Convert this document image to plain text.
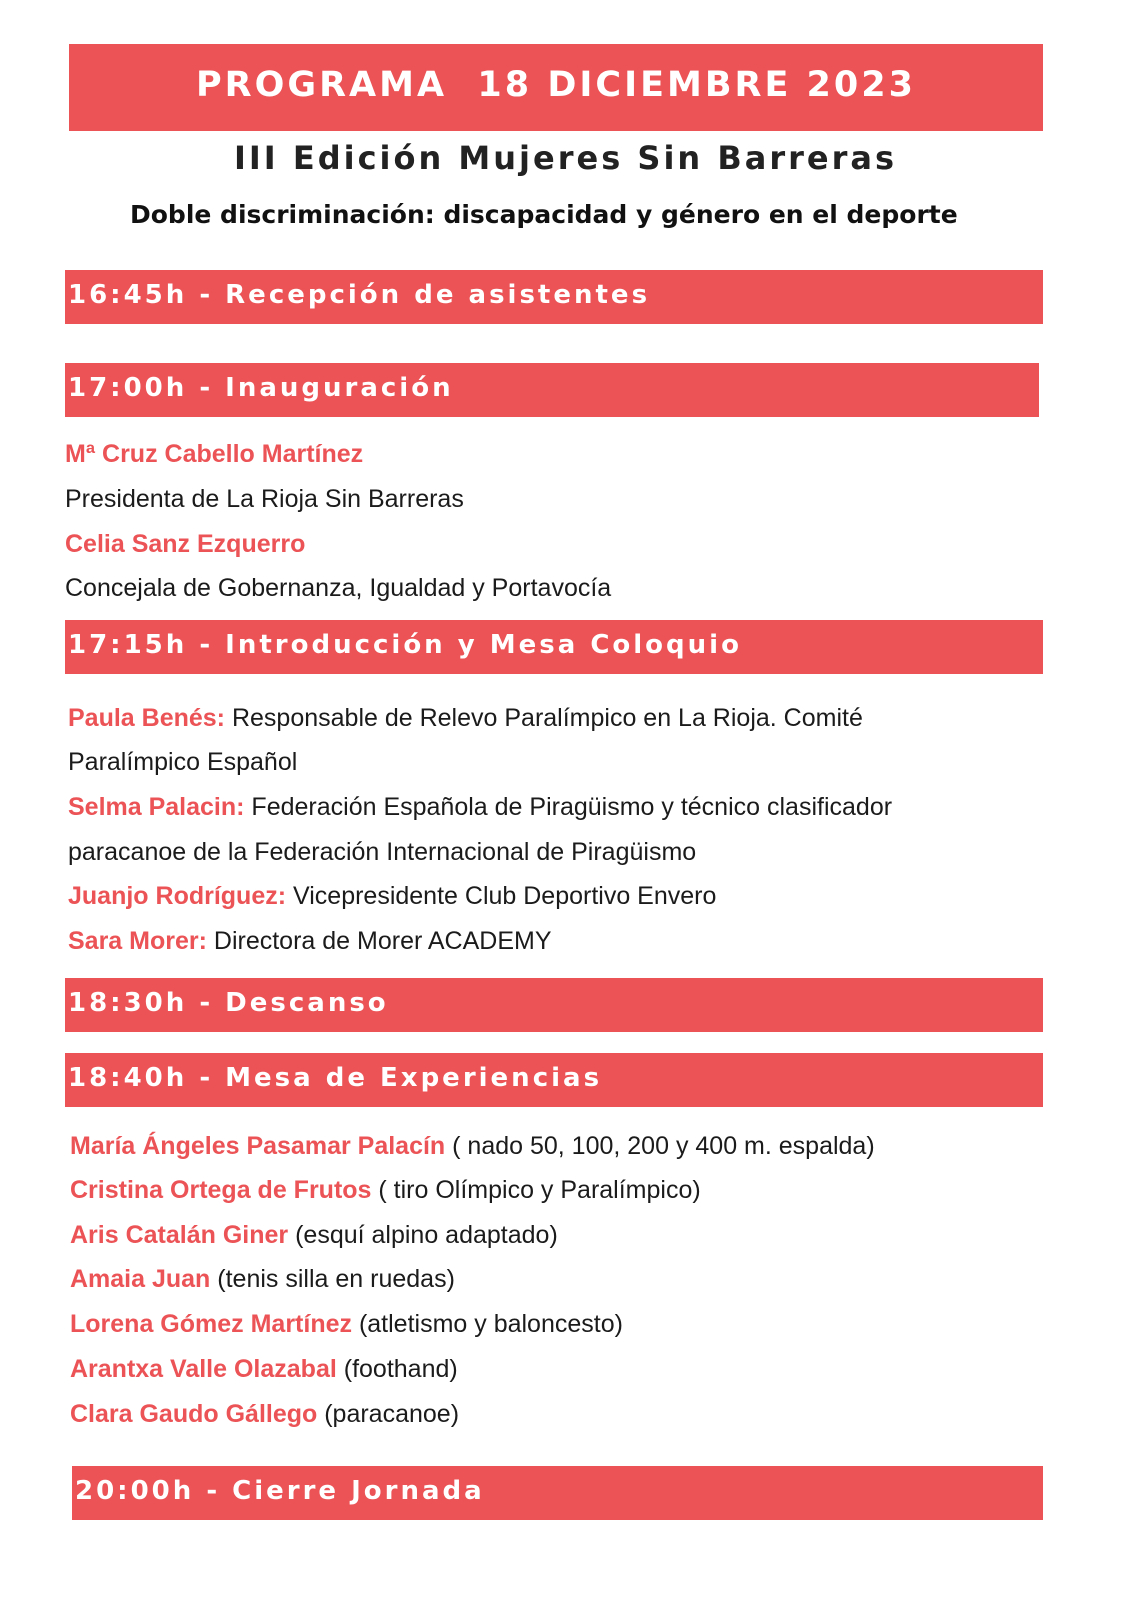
PROGRAMA  18 DICIEMBRE 2023
III Edición Mujeres Sin Barreras
Doble discriminación: discapacidad y género en el deporte
16:45h - Recepción de asistentes
17:00h - Inauguración
Mª Cruz Cabello Martínez
Presidenta de La Rioja Sin Barreras
Celia Sanz Ezquerro
Concejala de Gobernanza, Igualdad y Portavocía
17:15h - Introducción y Mesa Coloquio
Paula Benés: Responsable de Relevo Paralímpico en La Rioja. Comité
Paralímpico Español
Selma Palacin: Federación Española de Piragüismo y técnico clasificador
paracanoe de la Federación Internacional de Piragüismo
Juanjo Rodríguez: Vicepresidente Club Deportivo Envero
Sara Morer: Directora de Morer ACADEMY
18:30h - Descanso
18:40h - Mesa de Experiencias
María Ángeles Pasamar Palacín ( nado 50, 100, 200 y 400 m. espalda)
Cristina Ortega de Frutos ( tiro Olímpico y Paralímpico)
Aris Catalán Giner (esquí alpino adaptado)
Amaia Juan (tenis silla en ruedas)
Lorena Gómez Martínez (atletismo y baloncesto)
Arantxa Valle Olazabal (foothand)
Clara Gaudo Gállego (paracanoe)
20:00h - Cierre Jornada
